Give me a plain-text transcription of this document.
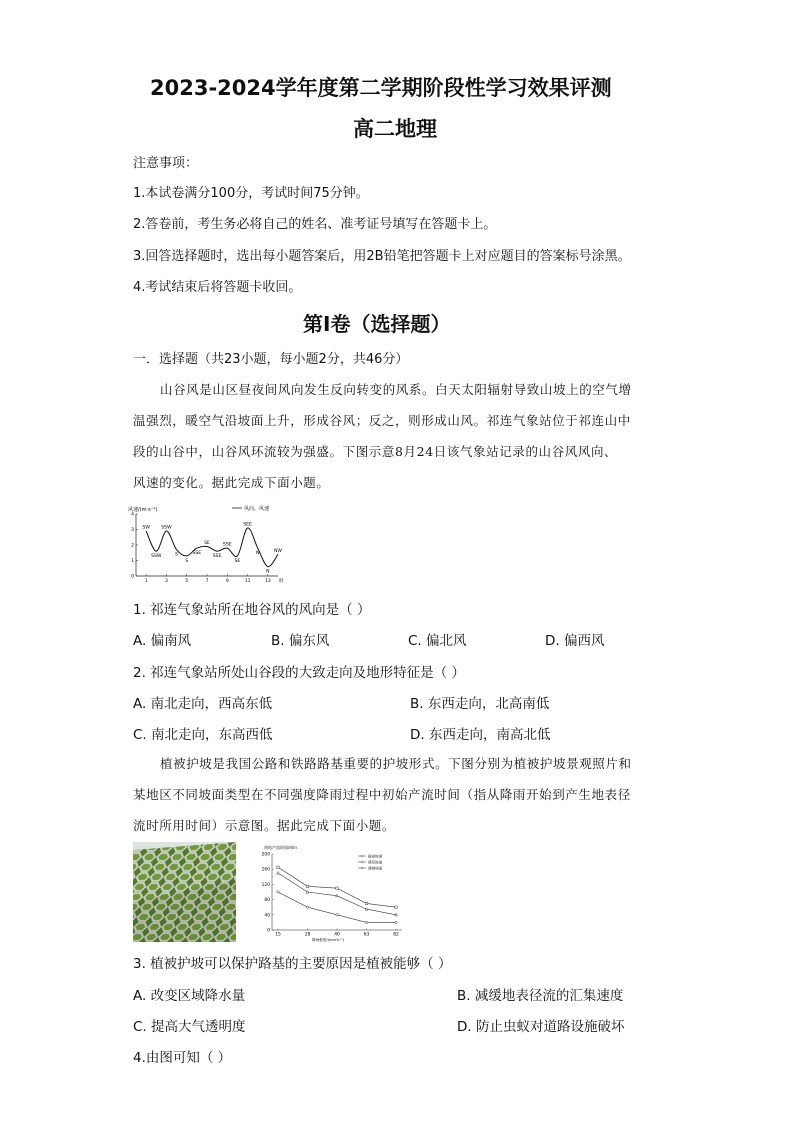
2023-2024学年度第二学期阶段性学习效果评测
高二地理
注意事项：
1.本试卷满分100分，考试时间75分钟。
2.答卷前，考生务必将自己的姓名、准考证号填写在答题卡上。
3.回答选择题时，选出每小题答案后，用2B铅笔把答题卡上对应题目的答案标号涂黑。
4.考试结束后将答题卡收回。
第Ⅰ卷（选择题）
一．选择题（共23小题，每小题2分，共46分）
山谷风是山区昼夜间风向发生反向转变的风系。白天太阳辐射导致山坡上的空气增
温强烈，暖空气沿坡面上升，形成谷风；反之，则形成山风。祁连气象站位于祁连山中
段的山谷中，山谷风环流较为强盛。下图示意8月24日该气象站记录的山谷风风向、
风速的变化。据此完成下面小题。
风速/(m·s⁻¹)	风向、风速
0
1
2
3
4
1	3	5	7	9	11	13 时
SW
SSW
SSW
S
S
SSE
SE
SSE
SSE
SE
SEE
N
N
NW
1. 祁连气象站所在地谷风的风向是（ ）
A. 偏南风	B. 偏东风	C. 偏北风	D. 偏西风
2. 祁连气象站所处山谷段的大致走向及地形特征是（ ）
A. 南北走向，西高东低	B. 东西走向，北高南低
C. 南北走向，东高西低	D. 东西走向，南高北低
植被护坡是我国公路和铁路路基重要的护坡形式。下图分别为植被护坡景观照片和
某地区不同坡面类型在不同强度降雨过程中初始产流时间（指从降雨开始到产生地表径
流时所用时间）示意图。据此完成下面小题。
初始产流时间/min
降雨强度/(mm·h⁻¹)
0
40
80
120
160
200
15	28	40	63	82
植被坡面
裸草坡面
裸坡坡面
3. 植被护坡可以保护路基的主要原因是植被能够（ ）
A. 改变区域降水量	B. 减缓地表径流的汇集速度
C. 提高大气透明度	D. 防止虫蚁对道路设施破坏
4.由图可知（ ）
